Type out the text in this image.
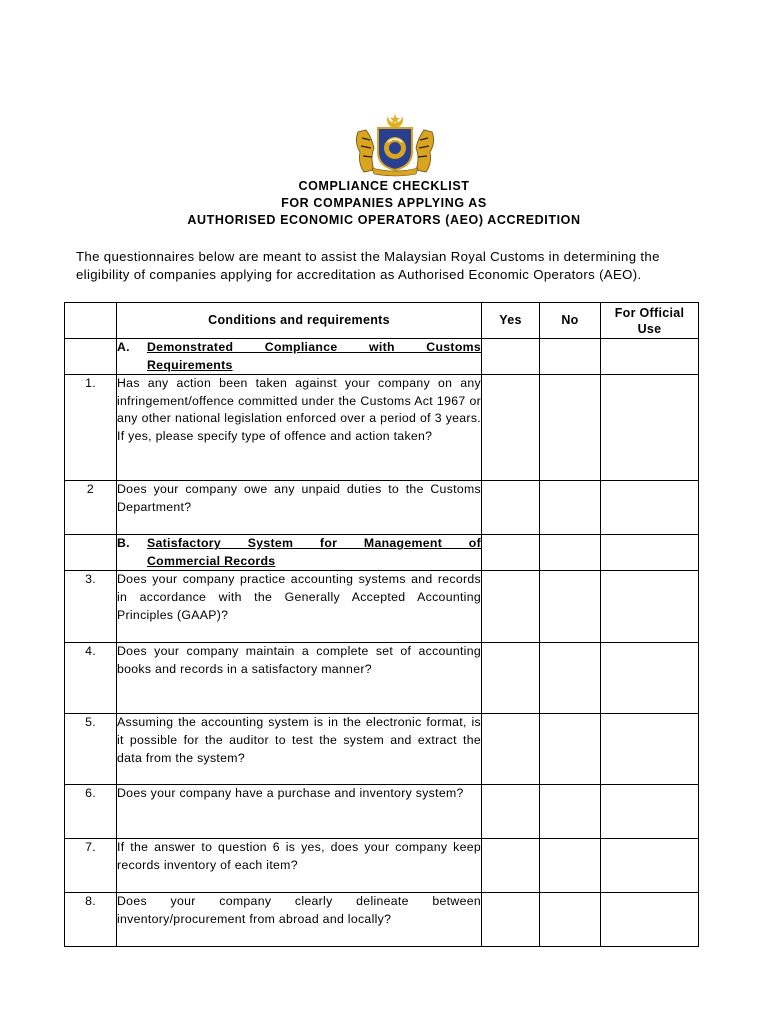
COMPLIANCE CHECKLIST
FOR COMPANIES APPLYING AS
AUTHORISED ECONOMIC OPERATORS (AEO) ACCREDITION
The questionnaires below are meant to assist the Malaysian Royal Customs in determining the eligibility of companies applying for accreditation as Authorised Economic Operators (AEO).
	Conditions and requirements	Yes	No	For Official Use

	A. Demonstrated Compliance with Customs
Requirements			

1.	Has any action been taken against your company on any infringement/offence committed under the Customs Act 1967 or any other national legislation enforced over a period of 3 years. If yes, please specify type of offence and action taken?			
2	Does your company owe any unpaid duties to the Customs Department?			

	B. Satisfactory System for Management of
Commercial Records			

3.	Does your company practice accounting systems and records in accordance with the Generally Accepted Accounting Principles (GAAP)?			
4.	Does your company maintain a complete set of accounting books and records in a satisfactory manner?			
5.	Assuming the accounting system is in the electronic format, is it possible for the auditor to test the system and extract the data from the system?			
6.	Does your company have a purchase and inventory system?			
7.	If the answer to question 6 is yes, does your company keep records inventory of each item?			
8.	Does your company clearly delineate between inventory/procurement from abroad and locally?			
